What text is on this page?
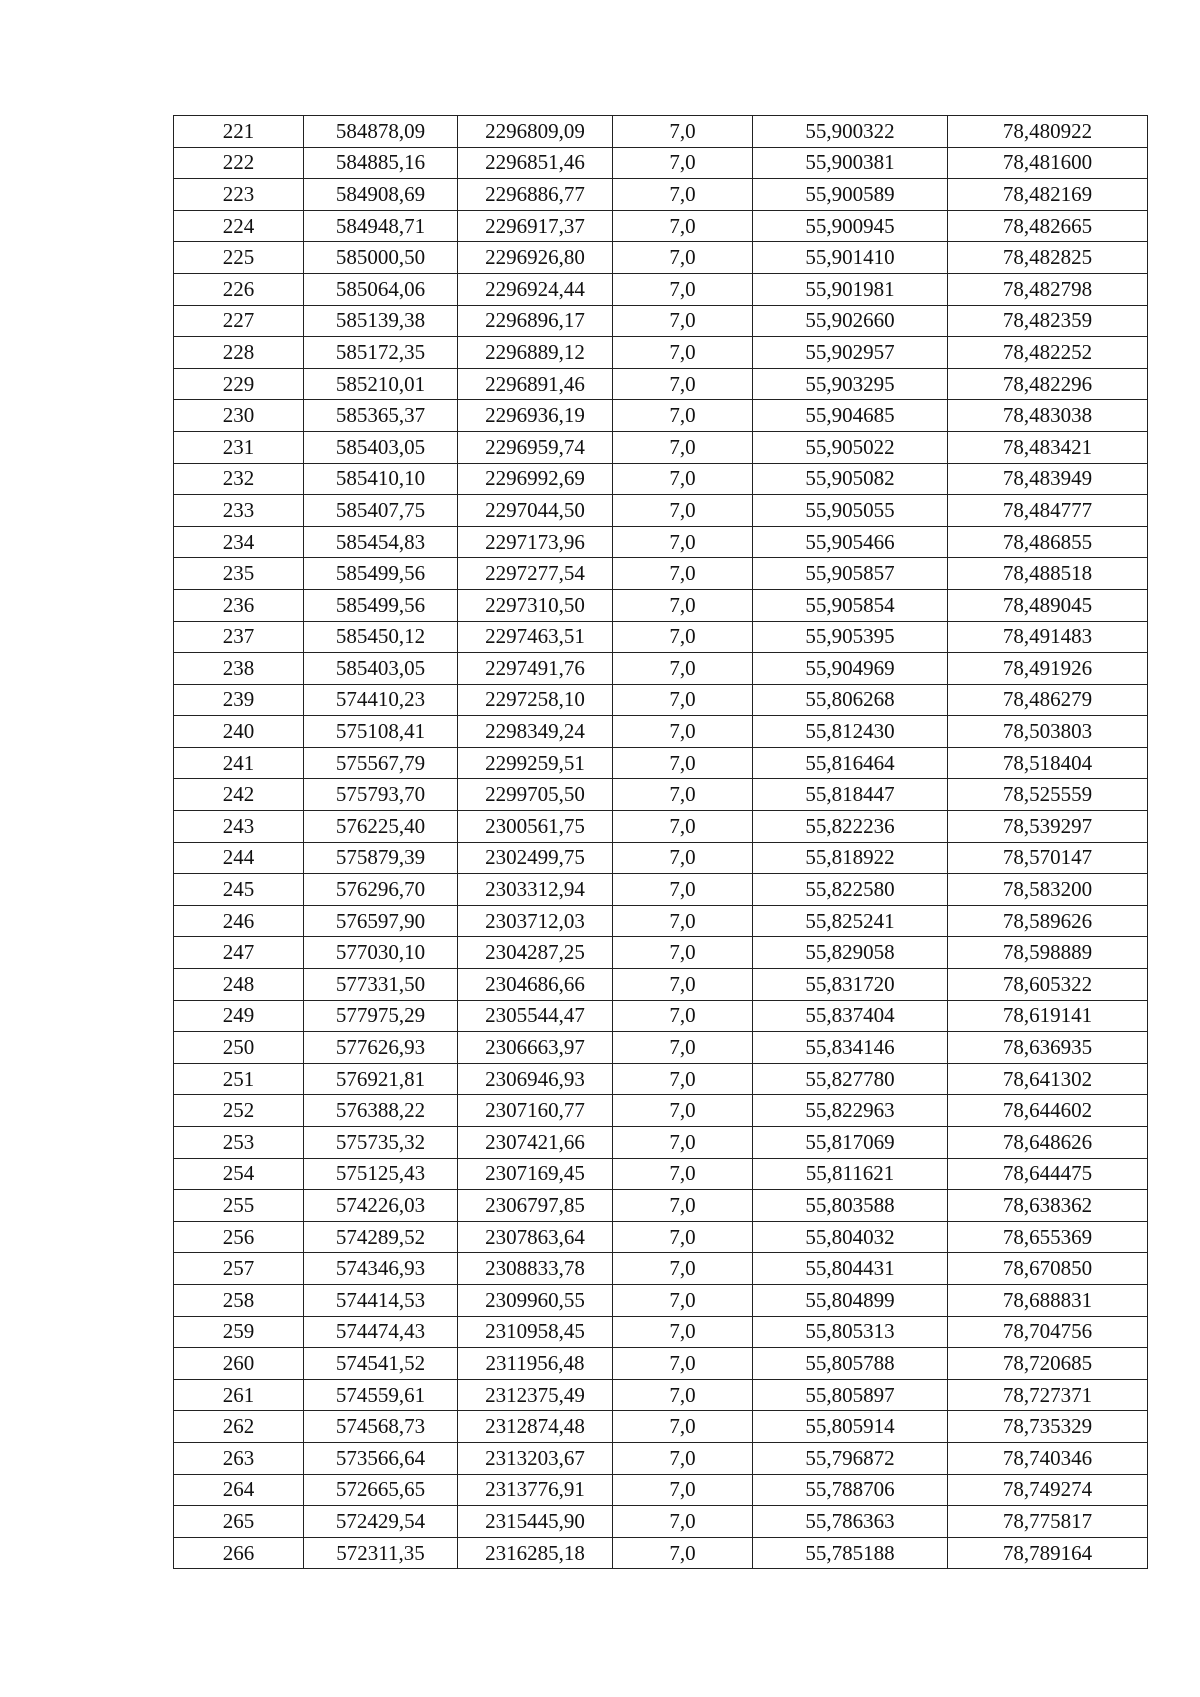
221	584878,09	2296809,09	7,0	55,900322	78,480922
222	584885,16	2296851,46	7,0	55,900381	78,481600
223	584908,69	2296886,77	7,0	55,900589	78,482169
224	584948,71	2296917,37	7,0	55,900945	78,482665
225	585000,50	2296926,80	7,0	55,901410	78,482825
226	585064,06	2296924,44	7,0	55,901981	78,482798
227	585139,38	2296896,17	7,0	55,902660	78,482359
228	585172,35	2296889,12	7,0	55,902957	78,482252
229	585210,01	2296891,46	7,0	55,903295	78,482296
230	585365,37	2296936,19	7,0	55,904685	78,483038
231	585403,05	2296959,74	7,0	55,905022	78,483421
232	585410,10	2296992,69	7,0	55,905082	78,483949
233	585407,75	2297044,50	7,0	55,905055	78,484777
234	585454,83	2297173,96	7,0	55,905466	78,486855
235	585499,56	2297277,54	7,0	55,905857	78,488518
236	585499,56	2297310,50	7,0	55,905854	78,489045
237	585450,12	2297463,51	7,0	55,905395	78,491483
238	585403,05	2297491,76	7,0	55,904969	78,491926
239	574410,23	2297258,10	7,0	55,806268	78,486279
240	575108,41	2298349,24	7,0	55,812430	78,503803
241	575567,79	2299259,51	7,0	55,816464	78,518404
242	575793,70	2299705,50	7,0	55,818447	78,525559
243	576225,40	2300561,75	7,0	55,822236	78,539297
244	575879,39	2302499,75	7,0	55,818922	78,570147
245	576296,70	2303312,94	7,0	55,822580	78,583200
246	576597,90	2303712,03	7,0	55,825241	78,589626
247	577030,10	2304287,25	7,0	55,829058	78,598889
248	577331,50	2304686,66	7,0	55,831720	78,605322
249	577975,29	2305544,47	7,0	55,837404	78,619141
250	577626,93	2306663,97	7,0	55,834146	78,636935
251	576921,81	2306946,93	7,0	55,827780	78,641302
252	576388,22	2307160,77	7,0	55,822963	78,644602
253	575735,32	2307421,66	7,0	55,817069	78,648626
254	575125,43	2307169,45	7,0	55,811621	78,644475
255	574226,03	2306797,85	7,0	55,803588	78,638362
256	574289,52	2307863,64	7,0	55,804032	78,655369
257	574346,93	2308833,78	7,0	55,804431	78,670850
258	574414,53	2309960,55	7,0	55,804899	78,688831
259	574474,43	2310958,45	7,0	55,805313	78,704756
260	574541,52	2311956,48	7,0	55,805788	78,720685
261	574559,61	2312375,49	7,0	55,805897	78,727371
262	574568,73	2312874,48	7,0	55,805914	78,735329
263	573566,64	2313203,67	7,0	55,796872	78,740346
264	572665,65	2313776,91	7,0	55,788706	78,749274
265	572429,54	2315445,90	7,0	55,786363	78,775817
266	572311,35	2316285,18	7,0	55,785188	78,789164
